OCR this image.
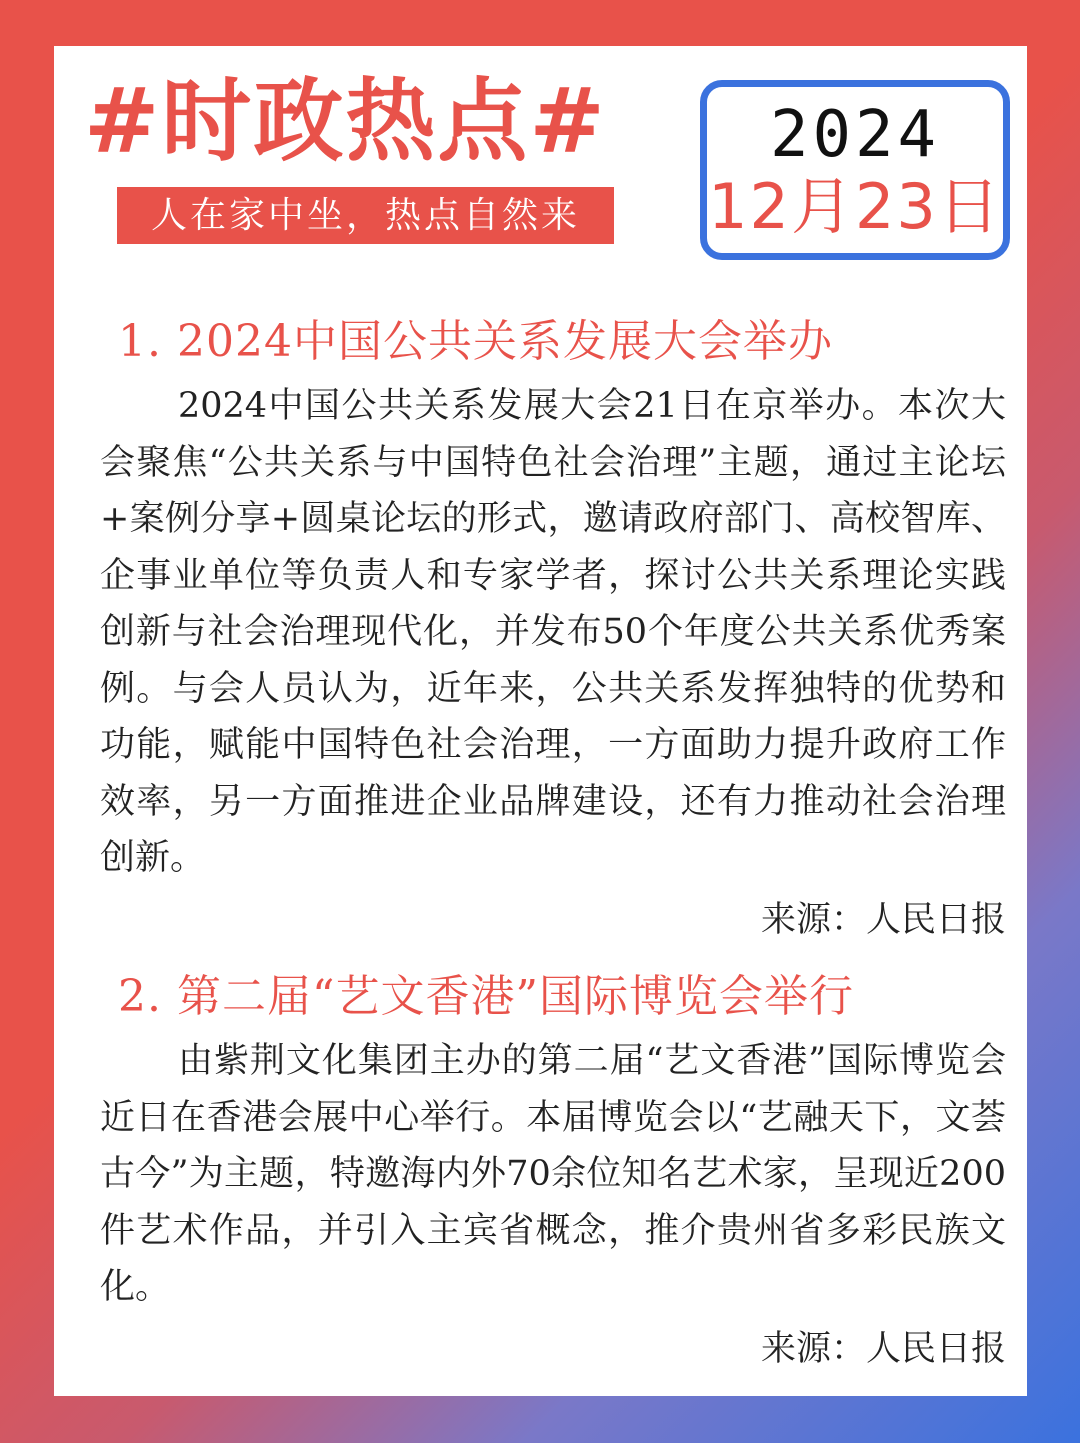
#时政热点#
人在家中坐，热点自然来
2024
12月23日
1. 2024中国公共关系发展大会举办

2024中国公共关系发展大会21日在京举办。本次大会聚焦“公共关系与中国特色社会治理”主题，通过主论坛+案例分享+圆桌论坛的形式，邀请政府部门、高校智库、企事业单位等负责人和专家学者，探讨公共关系理论实践创新与社会治理现代化，并发布50个年度公共关系优秀案例。与会人员认为，近年来，公共关系发挥独特的优势和功能，赋能中国特色社会治理，一方面助力提升政府工作效率，另一方面推进企业品牌建设，还有力推动社会治理创新。

来源：人民日报

2. 第二届“艺文香港”国际博览会举行

由紫荆文化集团主办的第二届“艺文香港”国际博览会近日在香港会展中心举行。本届博览会以“艺融天下，文荟古今”为主题，特邀海内外70余位知名艺术家，呈现近200件艺术作品，并引入主宾省概念，推介贵州省多彩民族文化。

来源：人民日报
